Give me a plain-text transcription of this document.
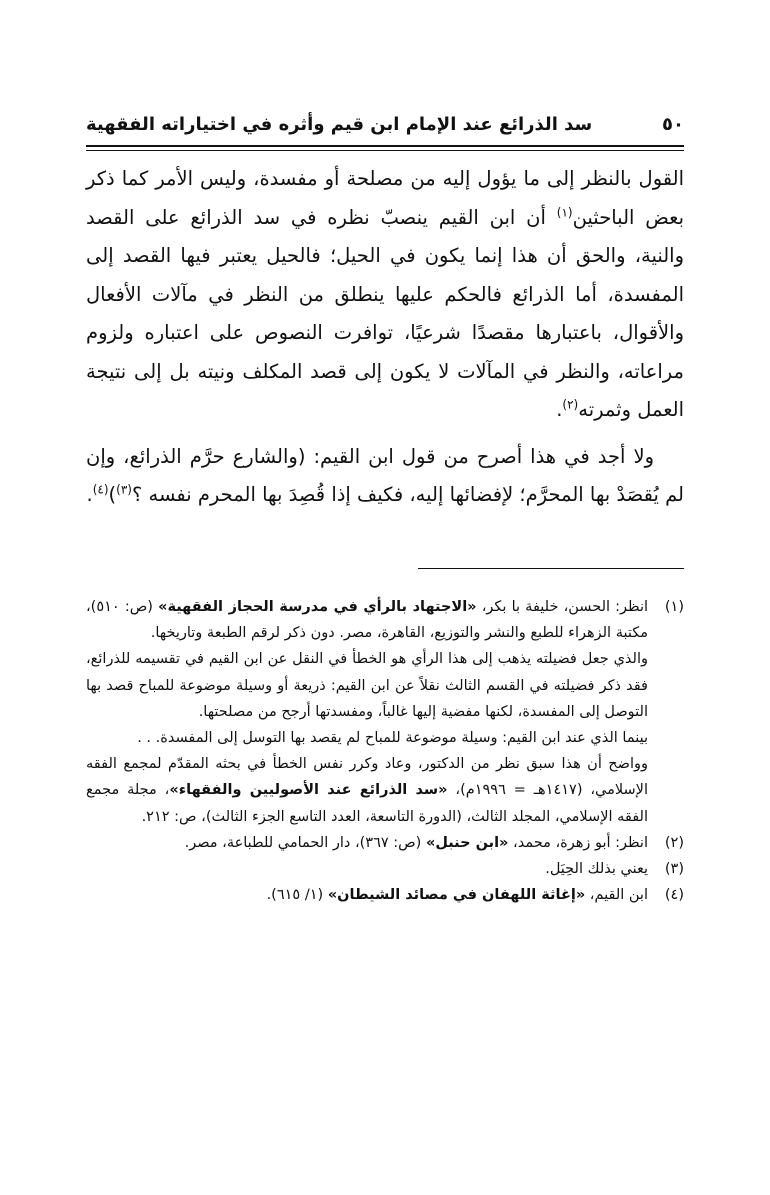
سد الذرائع عند الإمام ابن قيم وأثره في اختياراته الفقهية	٥٠

القول بالنظر إلى ما يؤول إليه من مصلحة أو مفسدة، وليس الأمر كما ذكر بعض الباحثين$^{(١)}$ أن ابن القيم ينصبّ نظره في سد الذرائع على القصد والنية، والحق أن هذا إنما يكون في الحيل؛ فالحيل يعتبر فيها القصد إلى المفسدة، أما الذرائع فالحكم عليها ينطلق من النظر في مآلات الأفعال والأقوال، باعتبارها مقصدًا شرعيًا، توافرت النصوص على اعتباره ولزوم مراعاته، والنظر في المآلات لا يكون إلى قصد المكلف ونيته بل إلى نتيجة العمل وثمرته$^{(٢)}$.

ولا أجد في هذا أصرح من قول ابن القيم: (والشارع حرَّم الذرائع، وإن لم يُقصَدْ بها المحرَّم؛ لإفضائها إليه، فكيف إذا قُصِدَ بها المحرم نفسه ؟$^{(٣)}$)$^{(٤)}$.

(١)

انظر: الحسن، خليفة با بكر، «الاجتهاد بالرأي في مدرسة الحجاز الفقهية» (ص: ٥١٠)، مكتبة الزهراء للطبع والنشر والتوزيع، القاهرة، مصر. دون ذكر لرقم الطبعة وتاريخها.

والذي جعل فضيلته يذهب إلى هذا الرأي هو الخطأ في النقل عن ابن القيم في تقسيمه للذرائع، فقد ذكر فضيلته في القسم الثالث نقلاً عن ابن القيم: ذريعة أو وسيلة موضوعة للمباح قصد بها التوصل إلى المفسدة، لكنها مفضية إليها غالباً، ومفسدتها أرجح من مصلحتها.

بينما الذي عند ابن القيم: وسيلة موضوعة للمباح لم يقصد بها التوسل إلى المفسدة. . .

وواضح أن هذا سبق نظر من الدكتور، وعاد وكرر نفس الخطأ في بحثه المقدّم لمجمع الفقه الإسلامي، (١٤١٧هـ = ١٩٩٦م)، «سد الذرائع عند الأصوليين والفقهاء»، مجلة مجمع الفقه الإسلامي، المجلد الثالث، (الدورة التاسعة، العدد التاسع الجزء الثالث)، ص: ٢١٢.

(٢)

انظر: أبو زهرة، محمد، «ابن حنبل» (ص: ٣٦٧)، دار الحمامي للطباعة، مصر.

(٣)

يعني بذلك الحِيَل.

(٤)

ابن القيم، «إغاثة اللهفان في مصائد الشيطان» (١/ ٦١٥).
